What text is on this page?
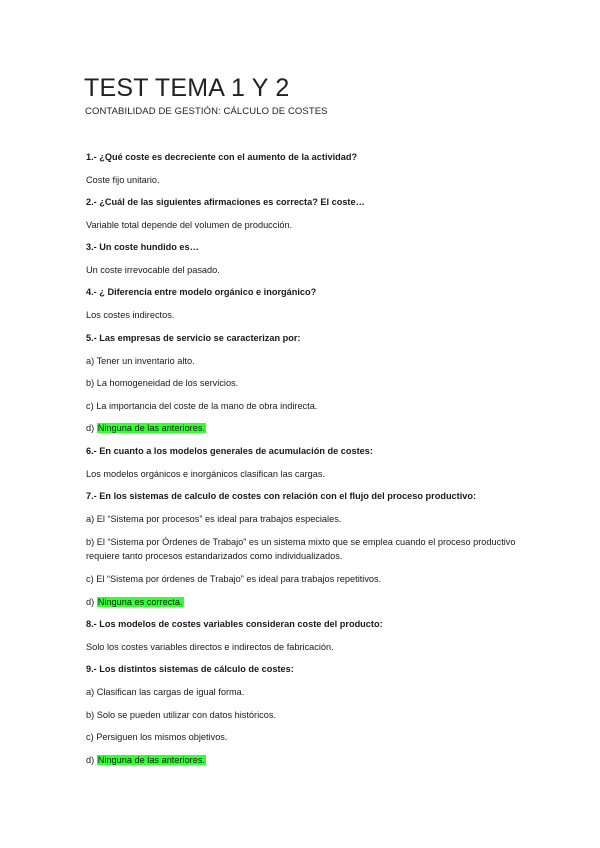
TEST TEMA 1 Y 2
CONTABILIDAD DE GESTIÓN: CÁLCULO DE COSTES
1.- ¿Qué coste es decreciente con el aumento de la actividad?
Coste fijo unitario.
2.- ¿Cuál de las siguientes afirmaciones es correcta? El coste…
Variable total depende del volumen de producción.
3.- Un coste hundido es…
Un coste irrevocable del pasado.
4.- ¿ Diferencia entre modelo orgánico e inorgánico?
Los costes indirectos.
5.- Las empresas de servicio se caracterizan por:
a) Tener un inventario alto.
b) La homogeneidad de los servicios.
c) La importancia del coste de la mano de obra indirecta.
d) Ninguna de las anteriores.
6.- En cuanto a los modelos generales de acumulación de costes:
Los modelos orgánicos e inorgánicos clasifican las cargas.
7.- En los sistemas de calculo de costes con relación con el flujo del proceso productivo:
a) El “Sistema por procesos” es ideal para trabajos especiales.
b) El “Sistema por Órdenes de Trabajo” es un sistema mixto que se emplea cuando el proceso productivo requiere tanto procesos estandarizados como individualizados.
c) El “Sistema por órdenes de Trabajo” es ideal para trabajos repetitivos.
d) Ninguna es correcta.
8.- Los modelos de costes variables consideran coste del producto:
Solo los costes variables directos e indirectos de fabricación.
9.- Los distintos sistemas de cálculo de costes:
a) Clasifican las cargas de igual forma.
b) Solo se pueden utilizar con datos históricos.
c) Persiguen los mismos objetivos.
d) Ninguna de las anteriores.
